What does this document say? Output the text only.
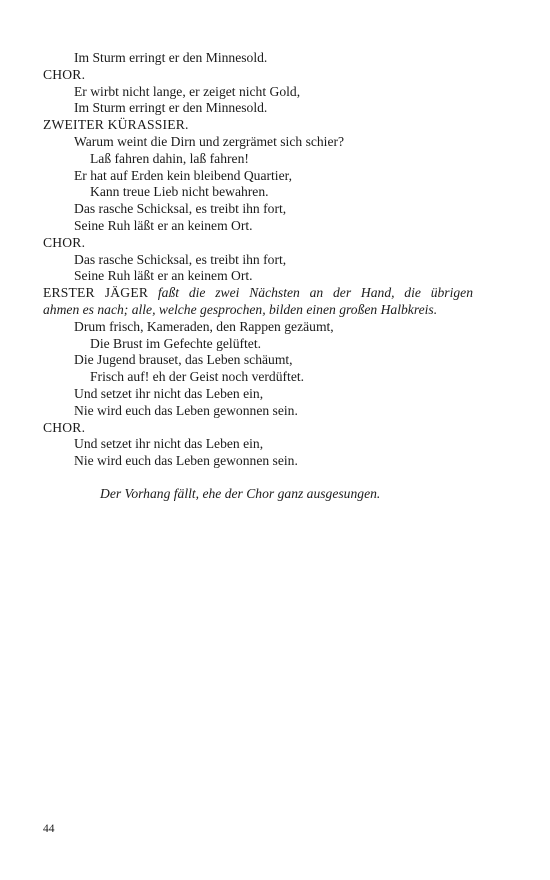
Im Sturm erringt er den Minnesold.
CHOR.
Er wirbt nicht lange, er zeiget nicht Gold,
Im Sturm erringt er den Minnesold.
ZWEITER KÜRASSIER.
Warum weint die Dirn und zergrämet sich schier?
Laß fahren dahin, laß fahren!
Er hat auf Erden kein bleibend Quartier,
Kann treue Lieb nicht bewahren.
Das rasche Schicksal, es treibt ihn fort,
Seine Ruh läßt er an keinem Ort.
CHOR.
Das rasche Schicksal, es treibt ihn fort,
Seine Ruh läßt er an keinem Ort.
ERSTER JÄGER faßt die zwei Nächsten an der Hand, die übrigen
ahmen es nach; alle, welche gesprochen, bilden einen großen Halbkreis.
Drum frisch, Kameraden, den Rappen gezäumt,
Die Brust im Gefechte gelüftet.
Die Jugend brauset, das Leben schäumt,
Frisch auf! eh der Geist noch verdüftet.
Und setzet ihr nicht das Leben ein,
Nie wird euch das Leben gewonnen sein.
CHOR.
Und setzet ihr nicht das Leben ein,
Nie wird euch das Leben gewonnen sein.
Der Vorhang fällt, ehe der Chor ganz ausgesungen.
44
